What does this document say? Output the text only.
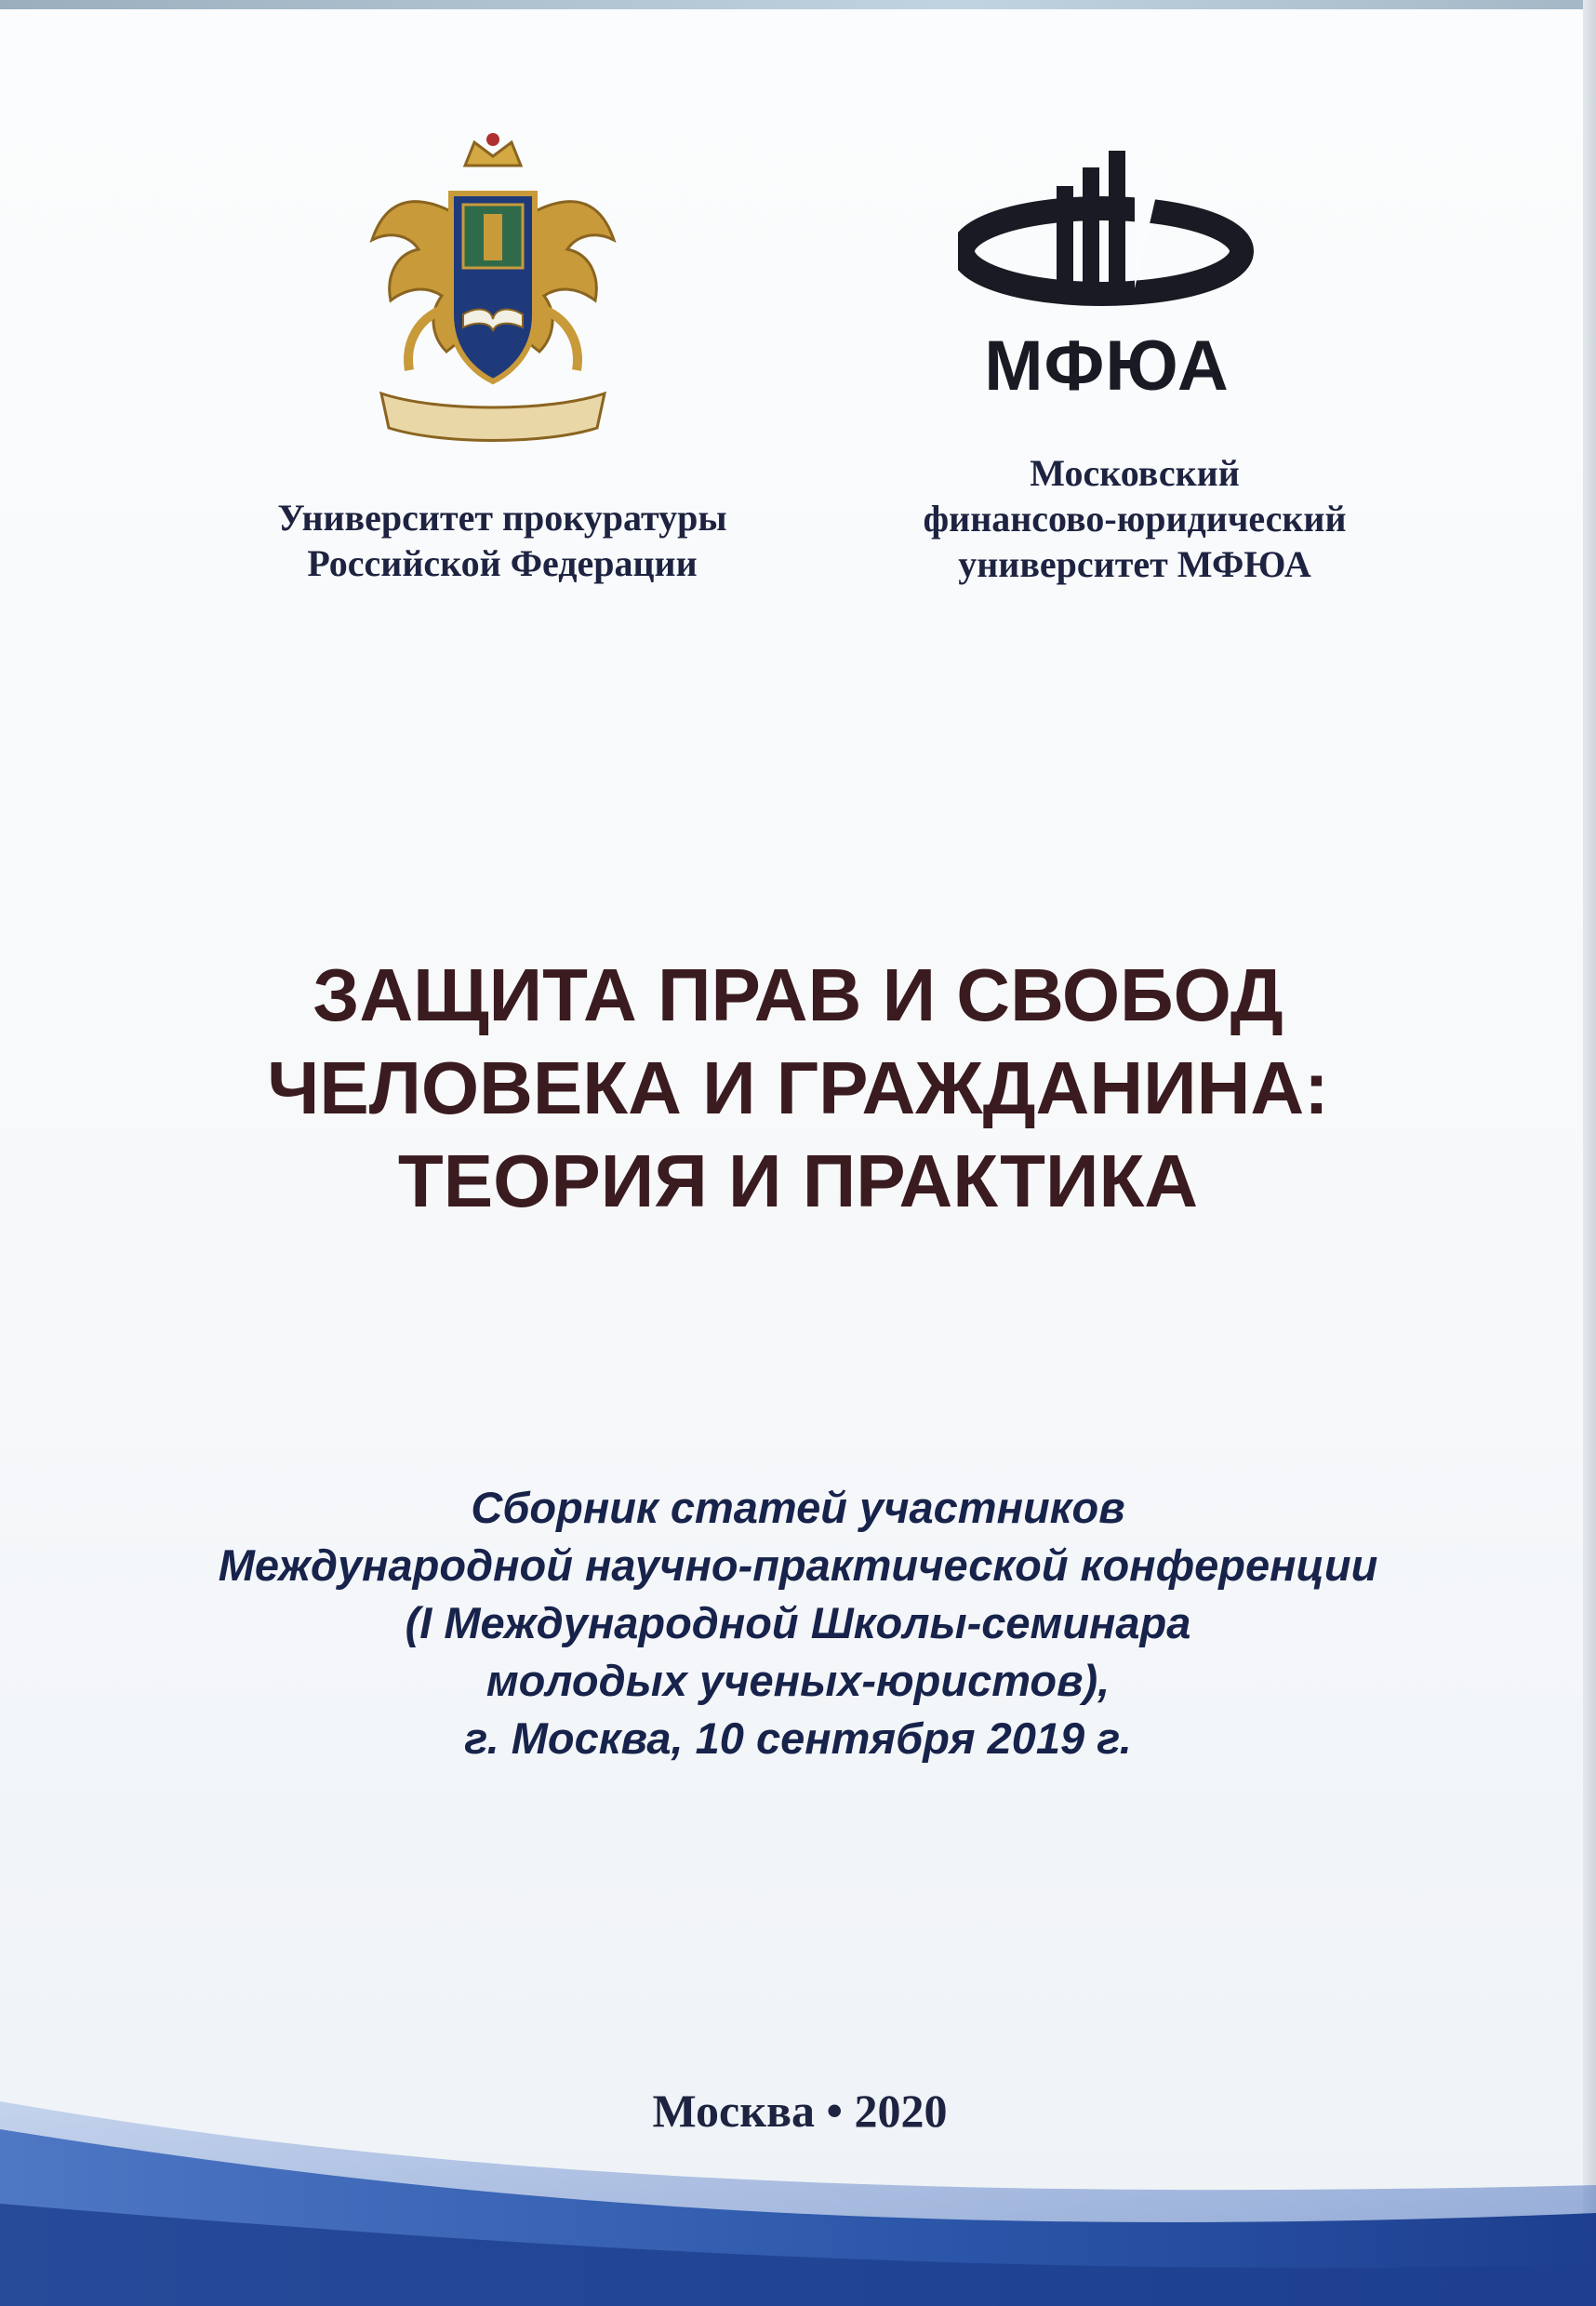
МФЮА
Университет прокуратуры
Российской Федерации
Московский
финансово-юридический
университет МФЮА
ЗАЩИТА ПРАВ И СВОБОД
ЧЕЛОВЕКА И ГРАЖДАНИНА:
ТЕОРИЯ И ПРАКТИКА
Сборник статей участников
Международной научно-практической конференции
(I Международной Школы-семинара
молодых ученых-юристов),
г. Москва, 10 сентября 2019 г.
Москва • 2020
